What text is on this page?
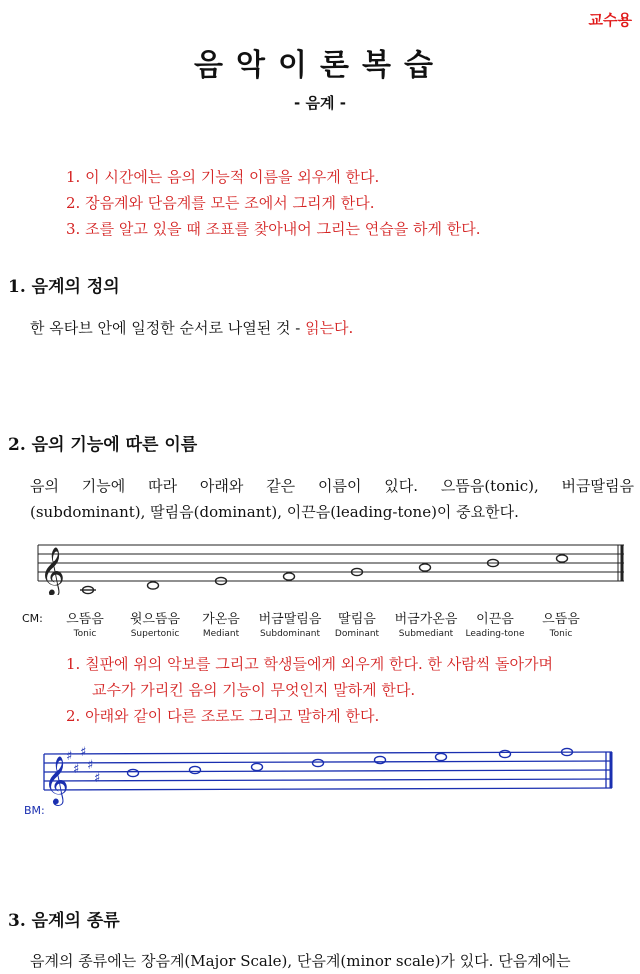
교수용
음악이론복습
- 음계 -
1. 이 시간에는 음의 기능적 이름을 외우게 한다.
2. 장음계와 단음계를 모든 조에서 그리게 한다.
3. 조를 알고 있을 때 조표를 찾아내어 그리는 연습을 하게 한다.
1. 음계의 정의
한 옥타브 안에 일정한 순서로 나열된 것 - 읽는다.
2. 음의 기능에 따른 이름
음의 기능에 따라 아래와 같은 이름이 있다. 으뜸음(tonic), 버금딸림음
(subdominant), 딸림음(dominant), 이끈음(leading-tone)이 중요한다.
𝄞
CM:	으뜸음
Tonic
윗으뜸음
Supertonic
가온음
Mediant
버금딸림음
Subdominant
딸림음
Dominant
버금가온음
Submediant
이끈음
Leading-tone
으뜸음
Tonic
1. 칠판에 위의 악보를 그리고 학생들에게 외우게 한다. 한 사람씩 돌아가며
교수가 가리킨 음의 기능이 무엇인지 말하게 한다.
2. 아래와 같이 다른 조로도 그리고 말하게 한다.
𝄞
♯
♯
♯
♯
♯
BM:
3. 음계의 종류
음계의 종류에는 장음계(Major Scale), 단음계(minor scale)가 있다. 단음계에는
